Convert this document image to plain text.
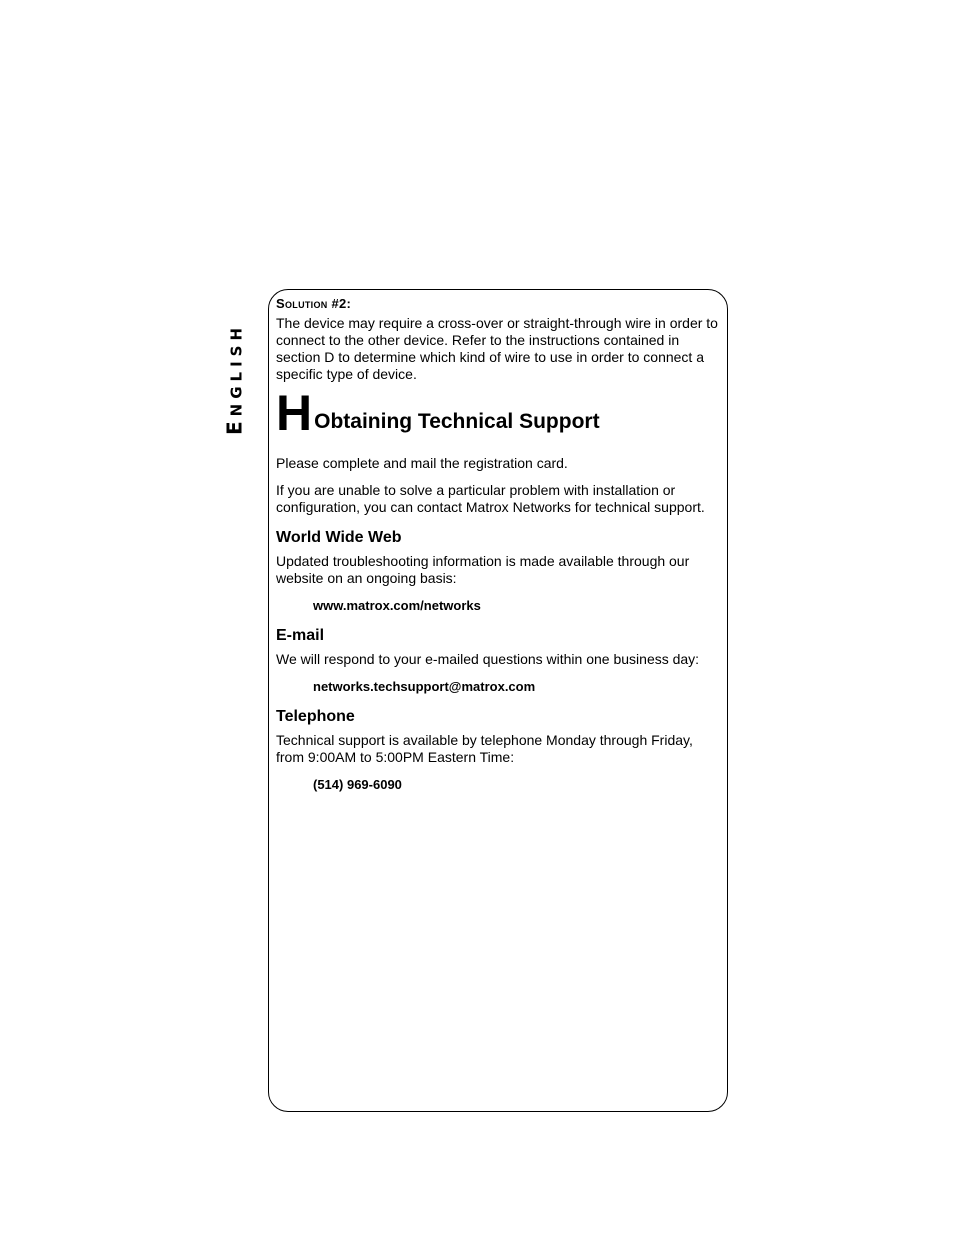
english
Solution #2:

The device may require a cross-over or straight-through wire in order to connect to the other device. Refer to the instructions contained in section D to determine which kind of wire to use in order to connect a specific type of device.

H Obtaining Technical Support

Please complete and mail the registration card.

If you are unable to solve a particular problem with installation or configuration, you can contact Matrox Networks for technical support.

World Wide Web

Updated troubleshooting information is made available through our website on an ongoing basis:

www.matrox.com/networks
E-mail

We will respond to your e-mailed questions within one business day:

networks.techsupport@matrox.com
Telephone

Technical support is available by telephone Monday through Friday, from 9:00AM to 5:00PM Eastern Time:

(514) 969-6090
